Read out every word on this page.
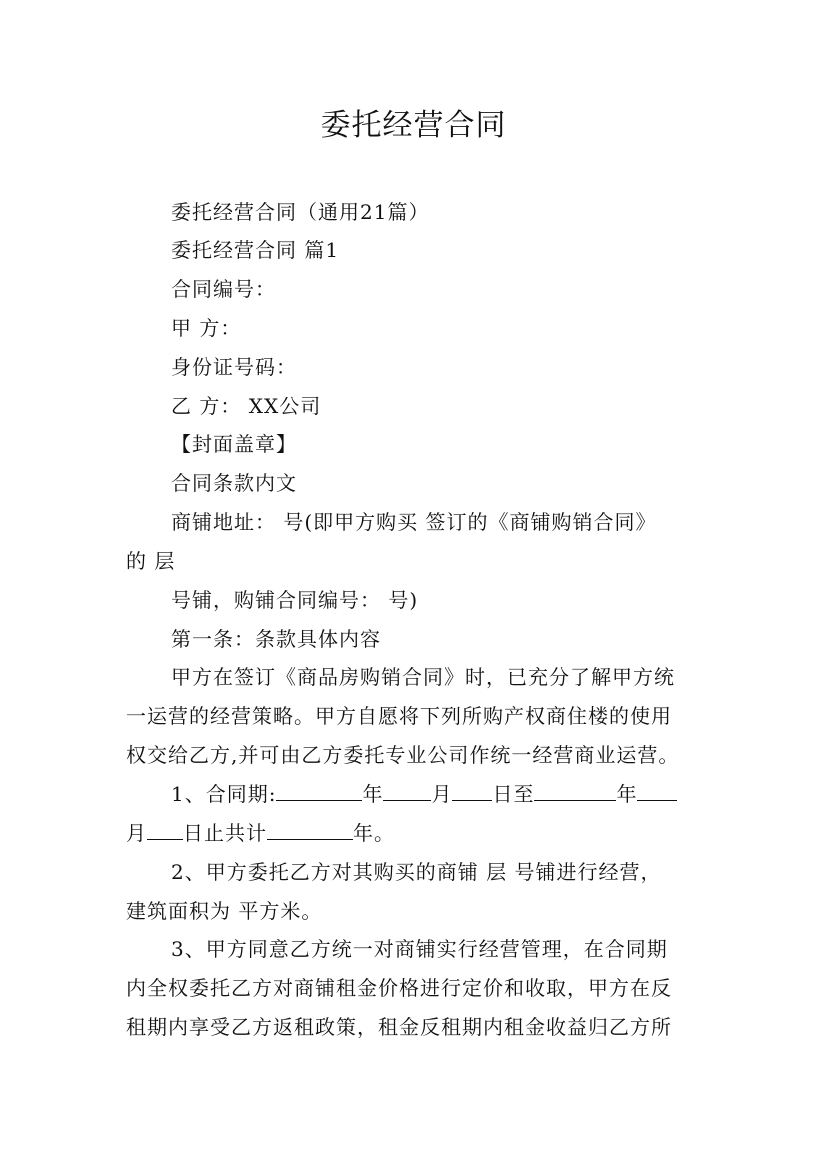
委托经营合同
委托经营合同（通用21篇）
委托经营合同 篇1
合同编号：
甲 方：
身份证号码：
乙 方： XX公司
【封面盖章】
合同条款内文
商铺地址： 号(即甲方购买 签订的《商铺购销合同》
的 层
号铺，购铺合同编号： 号)
第一条：条款具体内容
甲方在签订《商品房购销合同》时，已充分了解甲方统
一运营的经营策略。甲方自愿将下列所购产权商住楼的使用
权交给乙方,并可由乙方委托专业公司作统一经营商业运营。
1、合同期:	年 月 日至	年
月 日止共计	年。
2、甲方委托乙方对其购买的商铺 层 号铺进行经营，
建筑面积为 平方米。
3、甲方同意乙方统一对商铺实行经营管理，在合同期
内全权委托乙方对商铺租金价格进行定价和收取，甲方在反
租期内享受乙方返租政策，租金反租期内租金收益归乙方所
